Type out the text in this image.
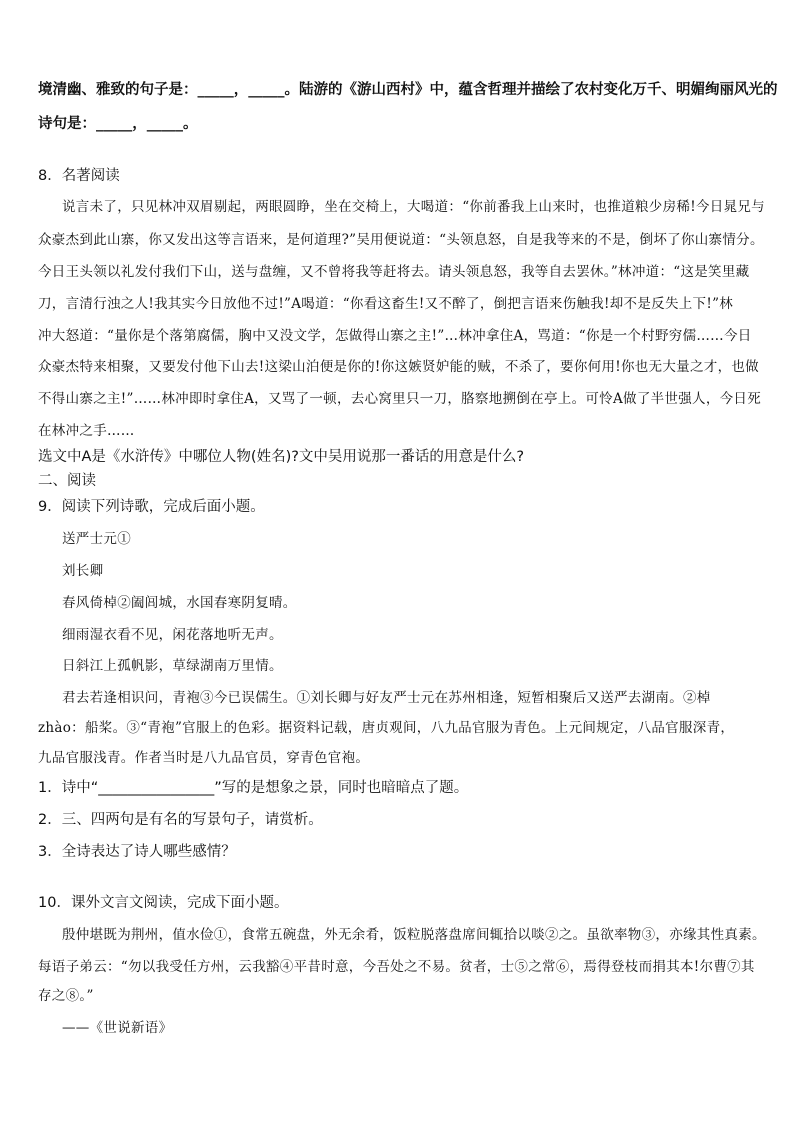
境清幽、雅致的句子是：_____，_____。陆游的《游山西村》中，蕴含哲理并描绘了农村变化万千、明媚绚丽风光的
诗句是：_____，_____。
8．名著阅读
说言未了，只见林冲双眉剔起，两眼圆睁，坐在交椅上，大喝道：“你前番我上山来时，也推道粮少房稀!今日晁兄与
众豪杰到此山寨，你又发出这等言语来，是何道理?”吴用便说道：“头领息怒，自是我等来的不是，倒坏了你山寨情分。
今日王头领以礼发付我们下山，送与盘缠，又不曾将我等赶将去。请头领息怒，我等自去罢休。”林冲道：“这是笑里藏
刀，言清行浊之人!我其实今日放他不过!”A喝道：“你看这畜生!又不醉了，倒把言语来伤触我!却不是反失上下!”林
冲大怒道：“量你是个落第腐儒，胸中又没文学，怎做得山寨之主!”…林冲拿住A，骂道：“你是一个村野穷儒……今日
众豪杰特来相聚，又要发付他下山去!这梁山泊便是你的!你这嫉贤妒能的贼，不杀了，要你何用!你也无大量之才，也做
不得山寨之主!”……林冲即时拿住A，又骂了一顿，去心窝里只一刀，胳察地搠倒在亭上。可怜A做了半世强人，今日死
在林冲之手……
选文中A是《水浒传》中哪位人物(姓名)?文中吴用说那一番话的用意是什么?
二、阅读
9．阅读下列诗歌，完成后面小题。
送严士元①
刘长卿
春风倚棹②阖闾城，水国春寒阴复晴。
细雨湿衣看不见，闲花落地听无声。
日斜江上孤帆影，草绿湖南万里情。
君去若逢相识问，青袍③今已误儒生。①刘长卿与好友严士元在苏州相逢，短暂相聚后又送严去湖南。②棹
zhào：船桨。③“青袍”官服上的色彩。据资料记载，唐贞观间，八九品官服为青色。上元间规定，八品官服深青，
九品官服浅青。作者当时是八九品官员，穿青色官袍。
1．诗中“________________”写的是想象之景，同时也暗暗点了题。
2．三、四两句是有名的写景句子，请赏析。
3．全诗表达了诗人哪些感情？
10．课外文言文阅读，完成下面小题。
殷仲堪既为荆州，值水俭①，食常五碗盘，外无余肴，饭粒脱落盘席间辄拾以啖②之。虽欲率物③，亦缘其性真素。
每语子弟云：“勿以我受任方州，云我豁④平昔时意，今吾处之不易。贫者，士⑤之常⑥，焉得登枝而捐其本!尔曹⑦其
存之⑧。”
——《世说新语》
